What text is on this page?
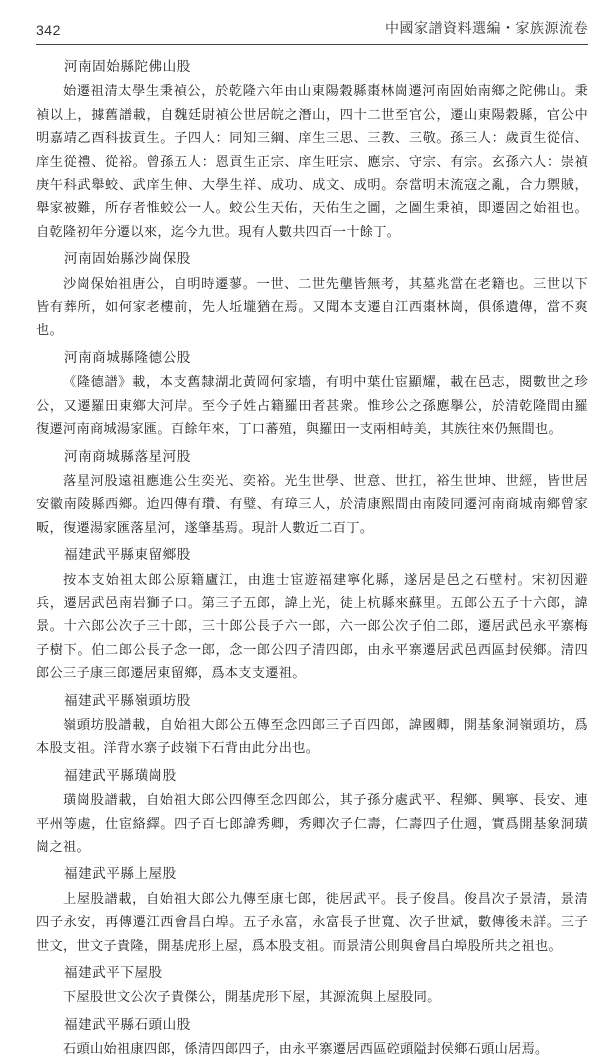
342	中國家譜資料選編・家族源流卷
河南固始縣陀佛山股

始遷祖清太學生秉禎公，於乾隆六年由山東陽穀縣棗林崗遷河南固始南鄉之陀佛山。秉禎以上，據舊譜載，自魏廷尉禎公世居皖之潛山，四十二世至官公，遷山東陽穀縣，官公中明嘉靖乙酉科拔貢生。子四人：同知三綱、庠生三思、三教、三敬。孫三人：歲貢生從信、庠生從禮、從裕。曾孫五人：恩貢生正宗、庠生旺宗、應宗、守宗、有宗。玄孫六人：崇禎庚午科武舉蛟、武庠生伸、大學生祥、成功、成文、成明。奈當明末流寇之亂，合力禦賊，舉家被難，所存者惟蛟公一人。蛟公生天佑，天佑生之圖，之圖生秉禎，即遷固之始祖也。自乾隆初年分遷以來，迄今九世。現有人數共四百一十餘丁。

河南固始縣沙崗保股

沙崗保始祖唐公，自明時遷蓼。一世、二世先壟皆無考，其墓兆當在老籍也。三世以下皆有葬所，如何家老樓前，先人坵壠猶在焉。又聞本支遷自江西棗林崗，俱係遺傳，當不爽也。

河南商城縣隆德公股

《隆德譜》載，本支舊隸湖北黃岡何家墻，有明中葉仕宦顯耀，載在邑志，閱數世之珍公，又遷羅田東鄉大河岸。至今子姓占籍羅田者甚衆。惟珍公之孫應擧公，於清乾隆間由羅復遷河南商城湯家匯。百餘年來，丁口蕃殖，與羅田一支兩相峙美，其族往來仍無間也。

河南商城縣落星河股

落星河股遠祖應進公生奕光、奕裕。光生世學、世意、世扛，裕生世坤、世經，皆世居安徽南陵縣西鄉。迨四傳有瓚、有璧、有璋三人，於清康熙間由南陵同遷河南商城南鄉曾家畈，復遷湯家匯落星河，遂肇基焉。現計人數近二百丁。

福建武平縣東留鄉股

按本支始祖太郎公原籍廬江，由進士宦遊福建寧化縣，遂居是邑之石壁村。宋初因避兵，遷居武邑南岩獅子口。第三子五郎，諱上光，徒上杭縣來蘇里。五郎公五子十六郎，諱景。十六郎公次子三十郎，三十郎公長子六一郎，六一郎公次子伯二郎，遷居武邑永平寨梅子樹下。伯二郎公長子念一郎，念一郎公四子清四郎，由永平寨遷居武邑西區封侯鄉。清四郎公三子康三郎遷居東留鄉，爲本支支遷祖。

福建武平縣嶺頭坊股

嶺頭坊股譜載，自始祖大郎公五傳至念四郎三子百四郎，諱國卿，開基象洞嶺頭坊，爲本股支祖。洋背水寨子歧嶺下石背由此分出也。

福建武平縣璜崗股

璜崗股譜載，自始祖大郎公四傳至念四郎公，其子孫分處武平、程鄉、興寧、長安、連平州等處，仕宦絡繹。四子百七郎諱秀卿，秀卿次子仁壽，仁壽四子仕週，實爲開基象洞璜崗之祖。

福建武平縣上屋股

上屋股譜載，自始祖大郎公九傳至康七郎，徙居武平。長子俊昌。俊昌次子景清，景清四子永安，再傳遷江西會昌白埠。五子永富，永富長子世寬、次子世斌，數傳後未詳。三子世文，世文子貴隆，開基虎形上屋，爲本股支祖。而景清公則與會昌白埠股所共之祖也。

福建武平下屋股

下屋股世文公次子貴傑公，開基虎形下屋，其源流與上屋股同。

福建武平縣石頭山股

石頭山始祖康四郎，係清四郎四子，由永平寨遷居西區硿頭隘封侯鄉石頭山居焉。
